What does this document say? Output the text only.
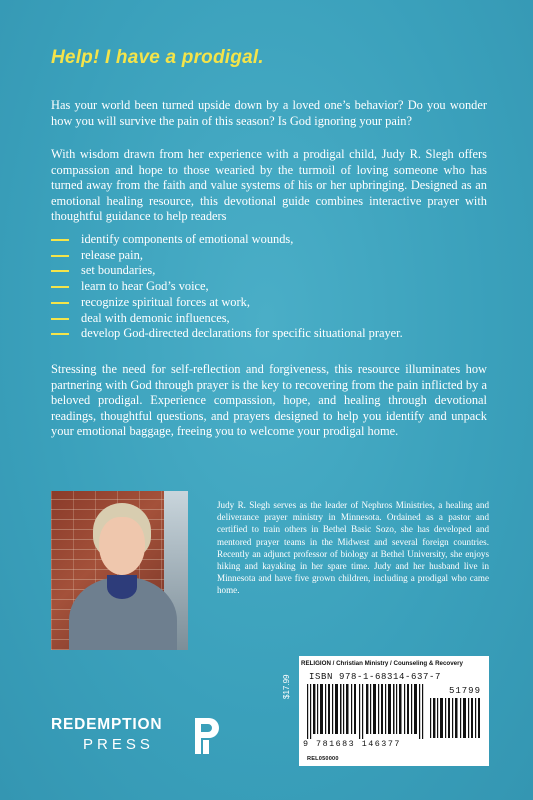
Help! I have a prodigal.

Has your world been turned upside down by a loved one’s behavior? Do you wonder how you will survive the pain of this season? Is God ignoring your pain?

With wisdom drawn from her experience with a prodigal child, Judy R. Slegh offers compassion and hope to those wearied by the turmoil of loving someone who has turned away from the faith and value systems of his or her upbringing. Designed as an emotional healing resource, this devotional guide combines interactive prayer with thoughtful guidance to help readers

identify components of emotional wounds,
release pain,
set boundaries,
learn to hear God’s voice,
recognize spiritual forces at work,
deal with demonic influences,
develop God-directed declarations for specific situational prayer.

Stressing the need for self-reflection and forgiveness, this resource illuminates how partnering with God through prayer is the key to recovering from the pain inflicted by a beloved prodigal. Experience compassion, hope, and healing through devotional readings, thoughtful questions, and prayers designed to help you identify and unpack your emotional baggage, freeing you to welcome your prodigal home.

Judy R. Slegh serves as the leader of Nephros Ministries, a healing and deliverance prayer ministry in Minnesota. Ordained as a pastor and certified to train others in Bethel Basic Sozo, she has developed and mentored prayer teams in the Midwest and several foreign countries. Recently an adjunct professor of biology at Bethel University, she enjoys hiking and kayaking in her spare time. Judy and her husband live in Minnesota and have five grown children, including a prodigal who came home.

REDEMPTION
PRESS
$17.99
RELIGION / Christian Ministry / Counseling & Recovery
ISBN 978-1-68314-637-7
51799
9 781683 146377
REL050000
